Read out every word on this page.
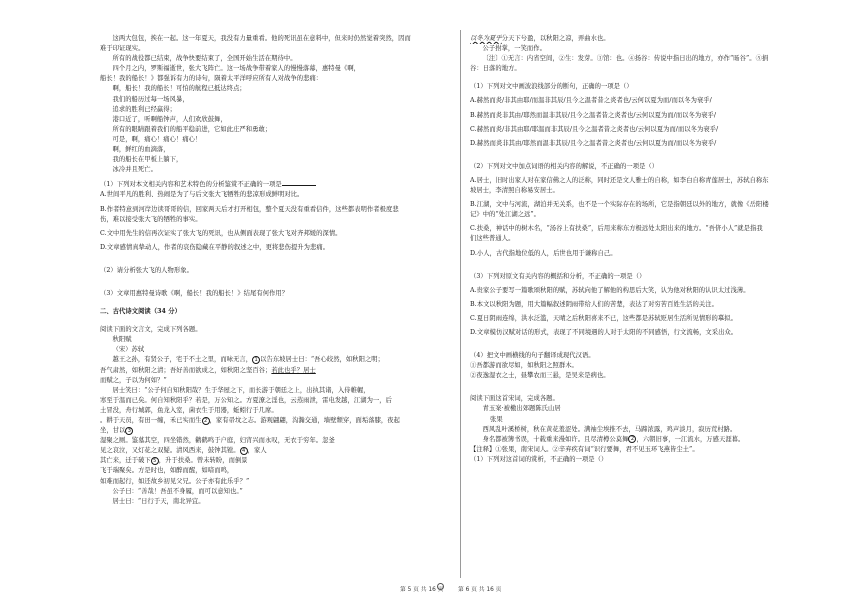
这两大包包，挨在一起。这一年夏天，我没有力量重看。他的死讯虽在意料中，但来时仍然觉着突然，因而
难于印证现实。
所有的战役都已结束，战争快要结束了，全国开始生活在期待中。
四个月之内，罗斯福逝世，张大飞阵亡。这一场战争带着家人的慢慢落幕，惠特曼《啊，
船长！我的船长！》都强诉有力的诗句，陨着太平洋呼应所有人对战争的悲痛：
啊，船长！我的船长！可怕的航程已抵达终点；
我们的船历过每一场风暴，
追求的胜利已经赢得；
港口近了，听啊船钟声，人们欢欣鼓舞，
所有的眼睛跟着我们的船平稳前进，它如此庄严和勇敢；
可是，啊，痛心！痛心！痛心！
啊，鲜红的血滴落，
我的船长在甲板上躺下，
冰冷并且死亡。
（1）下列对本文相关内容和艺术特色的分析鉴赏不正确的一项是
A.世间平凡的胜利、热闹是为了与后文张大飞牺牲的悲凉形成鲜明对比。
B.作者特意到河岸边读哥哥的信，回家两天后才打开相包，整个夏天没有重看信件，这些都表明作者极度悲
伤，难以接受张大飞的牺牲的事实。
C.文中用先生的信再次证实了张大飞的死讯，也从侧面表现了张大飞对齐邦媛的深情。
D.文章感情真挚动人，作者的哀伤隐藏在平静的叙述之中，更将悲伤提升为悲痛。
（2）请分析张大飞的人物形象。
（3）文章用惠特曼诗歌《啊，船长！我的船长！》结尾有何作用？
二、古代诗文阅读（34 分）
阅读下面的文言文，完成下列各题。
秋阳赋
（宋）苏轼
越王之孙，有贤公子，宅于不土之里，而咏无言， 1 以告东坡居士曰：“吾心皎然，如秋阳之明；
吾气肃然，如秋阳之清；吾好善而欲成之，如秋阳之坚百谷；若此也乎？居士
而赋之，子以为何如？”
居士笑曰：“公子何自知秋阳哉？生于华屋之下，而长游于朝廷之上，出执其诸，入侍帷幄，
寒至于温而已矣。何自知秋阳乎？若是，万公知之。方夏潦之淫也，云蒸雨泄，雷电发越，江湖为一，后
土冒没，舟行城郭，鱼龙入室，菌衣生于用器，蚯蚓行于几席。
。耕于天员，有田一缠，禾已实而生 2 ，家有帚坟之志。游观翩翩，沟瀚交通，墙壁颓穿，面垢落膝，夜起
坐，甘以 3
湿聚之厕。鉴墓其空，四坐错然，鹳鹤鸣于户庭，妇宵兴而永叹，无衣于穷年。忽釜
见之哀泣，又灯花之双疑。清风西来，鼓钟其镗。 4 ，家人
其亡来，迁于破下 5 ，升于扶桑。曾未转盼，而倒景
飞于瑞聚矣。方是时也，如醉而醒，如喑而鸣，
如难而起行，如还故乡初见父兄。公子亦有此乐乎？”
公子曰：“善哉！吾虽不身履，而可以意知也。”
居士曰：“日行于天，南北异宜。
以冬为夏乎分天下兮盈，以秋阳之凉，弄曲水也。
公子拊掌，一笑而作。
〔注〕①无言：内省空间，②生：发芽。③馆：也。④扬谷：传说中指日出的地方，亦作“旸谷”。⑤捐
谷：日落的地方。
（1）下列对文中画波浪线部分的断句，正确的一项是（）
A.赫然而炎/非其由耶/而温非其辰/且今之温者昔之炎者也/云何以夏为而/而以冬为衰乎/
B.赫然而炎非其由/耶然而温非其辰/且今之温者昔之炎者也/云何以夏为而/而以冬为衰乎/
C.赫然而炎/非其由耶/耶温而非其辰/且今之温者昔之炎者也/云何以夏为而/而以冬为衰乎/
D.赫然而炎非其由/耶然而温非其辰/且今之温者昔之炎者也/云何以夏为而/而以冬为衰乎/
（2）下列对文中加点词语的相关内容的解说，不正确的一项是（）
A.居士，旧时出家人对在家信佛之人的泛称，同时还是文人雅士的自称，如李白自称青莲居士，苏轼自称东
坡居士，李清照自称易安居士。
B.江湖，文中与河流，湖泊并无关系，也不是一个实际存在的场所，它是指朝廷以外的地方，就像《岳阳楼
记》中的“处江湖之远”。
C.扶桑，神话中的树木名，“汤谷上有扶桑”，后用来称东方极远处太阳出来的地方。“吾侪小人”就是指我
们这些普通人。
D.小人，古代指地位低的人，后世也用于谦称自己。
（3）下列对原文有关内容的概括和分析，不正确的一项是（）
A.贵家公子要写一篇歌颂秋阳的赋，苏轼向他了解他的构思后大笑，认为他对秋阳的认识太过浅薄。
B.本文以秋阳为题，用大篇幅叙述阴雨带给人们的苦楚，表达了对穷苦百姓生活的关注。
C.夏日阴雨连绵，洪水泛滥，天晴之后秋阳喜来不已，这些都是苏轼贬居生活所见情形的摹拟。
D.文章模仿汉赋对话的形式，表现了不同境遇的人对于太阳的不同感悟，行文流畅，文采出众。
（4）把文中画横线的句子翻译成现代汉语。
①吾都游而欲尽如，如秋阳之照群木。
②夜逸湿衣之士，昼攀农而三悬，是吴来是病也。
阅读下面这首宋词，完成各题。
青玉案·被檄出郊题陈氏山居
张果
西风乱叶溪桥树，秋在黄花羞涩处。满袖尘埃推不去，马蹄浓露，鸡声淡月，寂历荒村路。
身名都被簿书误，十载重来漫如许。且尽清樽公莫舞 2 ，六朝旧事，一江流水，万感天涯暮。
【注释】①张果，南宋词人。②辛弃疾有词“识行要舞，君不见玉环飞燕皆尘土”。
（1）下列对这首词的赏析，不正确的一项是（）
第 5 页 共 16 页	第 6 页 共 16 页
